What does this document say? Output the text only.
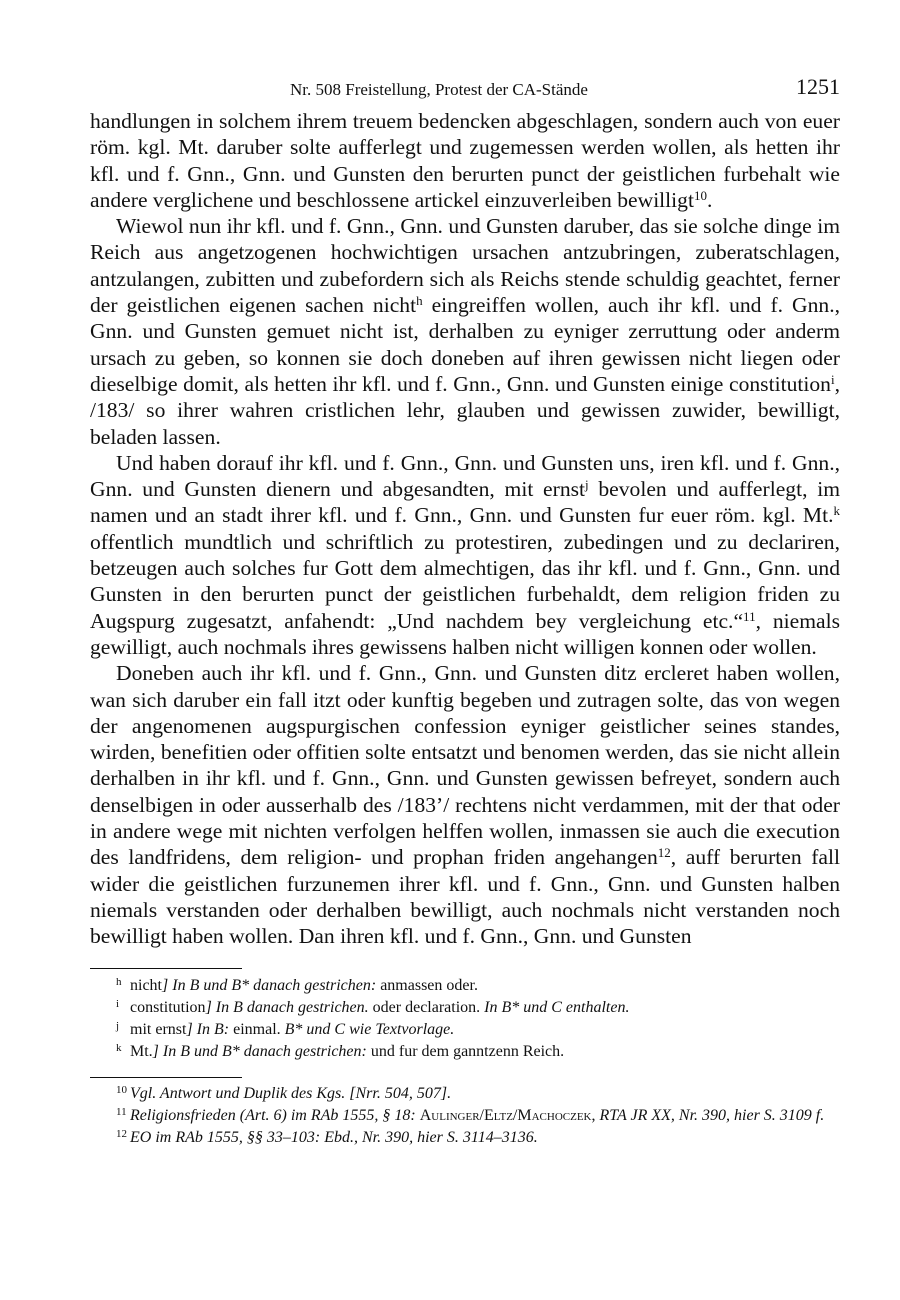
Nr. 508 Freistellung, Protest der CA-Stände	1251

handlungen in solchem ihrem treuem bedencken abgeschlagen, sondern auch von euer röm. kgl. Mt. daruber solte aufferlegt und zugemessen werden wollen, als hetten ihr kfl. und f. Gnn., Gnn. und Gunsten den berurten punct der geistlichen furbehalt wie andere verglichene und beschlossene artickel einzuverleiben bewilligt$^{10}$.

Wiewol nun ihr kfl. und f. Gnn., Gnn. und Gunsten daruber, das sie solche dinge im Reich aus angetzogenen hochwichtigen ursachen antzubringen, zuberatschlagen, antzulangen, zubitten und zubefordern sich als Reichs stende schuldig geachtet, ferner der geistlichen eigenen sachen nicht$^h$ eingreiffen wollen, auch ihr kfl. und f. Gnn., Gnn. und Gunsten gemuet nicht ist, derhalben zu eyniger zerruttung oder anderm ursach zu geben, so konnen sie doch doneben auf ihren gewissen nicht liegen oder dieselbige domit, als hetten ihr kfl. und f. Gnn., Gnn. und Gunsten einige constitution$^i$, /183/ so ihrer wahren cristlichen lehr, glauben und gewissen zuwider, bewilligt, beladen lassen.

Und haben dorauf ihr kfl. und f. Gnn., Gnn. und Gunsten uns, iren kfl. und f. Gnn., Gnn. und Gunsten dienern und abgesandten, mit ernst$^j$ bevolen und aufferlegt, im namen und an stadt ihrer kfl. und f. Gnn., Gnn. und Gunsten fur euer röm. kgl. Mt.$^k$ offentlich mundtlich und schriftlich zu protestiren, zubedingen und zu declariren, betzeugen auch solches fur Gott dem almechtigen, das ihr kfl. und f. Gnn., Gnn. und Gunsten in den berurten punct der geistlichen furbehaldt, dem religion friden zu Augspurg zugesatzt, anfahendt: „Und nachdem bey vergleichung etc.“$^{11}$, niemals gewilligt, auch nochmals ihres gewissens halben nicht willigen konnen oder wollen.

Doneben auch ihr kfl. und f. Gnn., Gnn. und Gunsten ditz ercleret haben wollen, wan sich daruber ein fall itzt oder kunftig begeben und zutragen solte, das von wegen der angenomenen augspurgischen confession eyniger geistlicher seines standes, wirden, benefitien oder offitien solte entsatzt und benomen werden, das sie nicht allein derhalben in ihr kfl. und f. Gnn., Gnn. und Gunsten gewissen befreyet, sondern auch denselbigen in oder ausserhalb des /183’/ rechtens nicht verdammen, mit der that oder in andere wege mit nichten verfolgen helffen wollen, inmassen sie auch die execution des landfridens, dem religion- und prophan friden angehangen$^{12}$, auff berurten fall wider die geistlichen furzunemen ihrer kfl. und f. Gnn., Gnn. und Gunsten halben niemals verstanden oder derhalben bewilligt, auch nochmals nicht verstanden noch bewilligt haben wollen. Dan ihren kfl. und f. Gnn., Gnn. und Gunsten

h nicht] In B und B* danach gestrichen: anmassen oder.
i constitution] In B danach gestrichen. oder declaration. In B* und C enthalten.
j mit ernst] In B: einmal. B* und C wie Textvorlage.
k Mt.] In B und B* danach gestrichen: und fur dem ganntzenn Reich.
10 Vgl. Antwort und Duplik des Kgs. [Nrr. 504, 507].
11 Religionsfrieden (Art. 6) im RAb 1555, § 18: Aulinger/Eltz/Machoczek, RTA JR XX, Nr. 390, hier S. 3109 f.
12 EO im RAb 1555, §§ 33–103: Ebd., Nr. 390, hier S. 3114–3136.
